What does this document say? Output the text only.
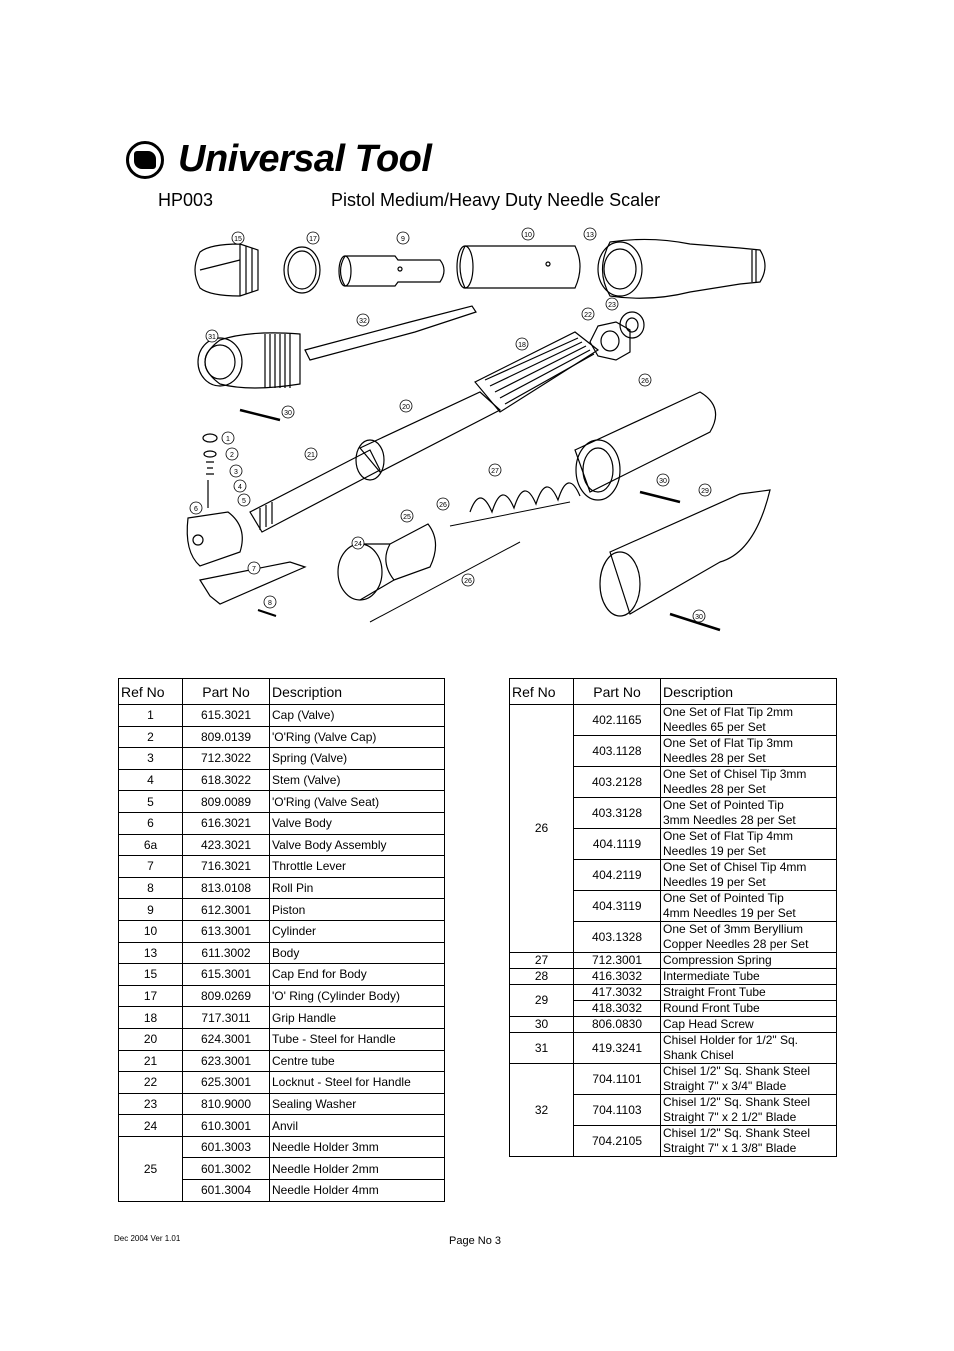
Universal Tool
HP003	Pistol Medium/Heavy Duty Needle Scaler
15	17	9
10	13
31
32
22
23
18
26
30
20
1
2
3
4
5
6
21
27
26
29
30
25
24
7
26
8
30
Ref No	Part No	Description
1	615.3021	Cap (Valve)
2	809.0139	'O'Ring (Valve Cap)
3	712.3022	Spring (Valve)
4	618.3022	Stem (Valve)
5	809.0089	'O'Ring (Valve Seat)
6	616.3021	Valve Body
6a	423.3021	Valve Body Assembly
7	716.3021	Throttle Lever
8	813.0108	Roll Pin
9	612.3001	Piston
10	613.3001	Cylinder
13	611.3002	Body
15	615.3001	Cap End for Body
17	809.0269	'O' Ring (Cylinder Body)
18	717.3011	Grip Handle
20	624.3001	Tube - Steel for Handle
21	623.3001	Centre tube
22	625.3001	Locknut - Steel for Handle
23	810.9000	Sealing Washer
24	610.3001	Anvil
25	601.3003	Needle Holder 3mm
	601.3002	Needle Holder 2mm
	601.3004	Needle Holder 4mm
Ref No	Part No	Description
26	402.1165	One Set of Flat Tip 2mm
Needles 65 per Set

	403.1128	One Set of Flat Tip 3mm
Needles 28 per Set

	403.2128	One Set of Chisel Tip 3mm
Needles 28 per Set

	403.3128	One Set of Pointed Tip
3mm Needles 28 per Set

	404.1119	One Set of Flat Tip 4mm
Needles 19 per Set

	404.2119	One Set of Chisel Tip 4mm
Needles 19 per Set

	404.3119	One Set of Pointed Tip
4mm Needles 19 per Set

	403.1328	One Set of 3mm Beryllium
Copper Needles 28 per Set

27	712.3001	Compression Spring
28	416.3032	Intermediate Tube
29	417.3032	Straight Front Tube
	418.3032	Round Front Tube
30	806.0830	Cap Head Screw
31	419.3241	Chisel Holder for 1/2" Sq.
Shank Chisel

32	704.1101	Chisel 1/2" Sq. Shank Steel
Straight 7" x 3/4" Blade

	704.1103	Chisel 1/2" Sq. Shank Steel
Straight 7" x 2 1/2" Blade

	704.2105	Chisel 1/2" Sq. Shank Steel
Straight 7" x 1 3/8" Blade
Dec 2004 Ver 1.01	Page No 3
